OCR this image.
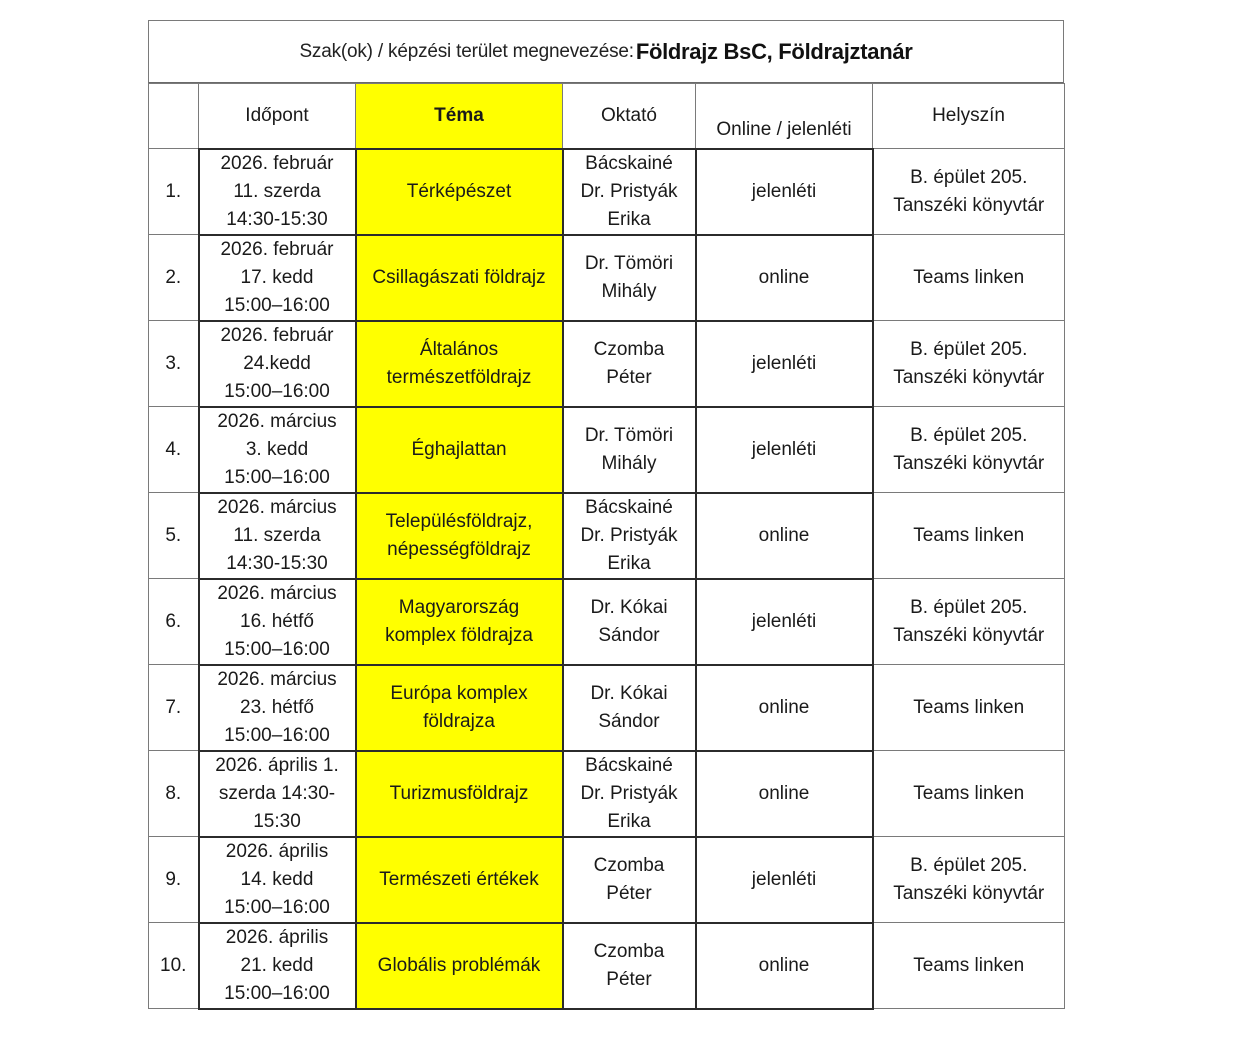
Szak(ok) / képzési terület megnevezése: Földrajz BsC, Földrajztanár
	Időpont	Téma	Oktató	Online / jelenléti	Helyszín
1.	2026. február
11. szerda
14:30-15:30	Térképészet	Bácskainé
Dr. Pristyák
Erika	jelenléti	B. épület 205.
Tanszéki könyvtár

2.	2026. február
17. kedd
15:00–16:00	Csillagászati földrajz	Dr. Tömöri
Mihály	online	Teams linken

3.	2026. február
24.kedd
15:00–16:00	Általános
természetföldrajz	Czomba
Péter	jelenléti	B. épület 205.
Tanszéki könyvtár

4.	2026. március
3. kedd
15:00–16:00	Éghajlattan	Dr. Tömöri
Mihály	jelenléti	B. épület 205.
Tanszéki könyvtár

5.	2026. március
11. szerda
14:30-15:30	Településföldrajz,
népességföldrajz	Bácskainé
Dr. Pristyák
Erika	online	Teams linken

6.	2026. március
16. hétfő
15:00–16:00	Magyarország
komplex földrajza	Dr. Kókai
Sándor	jelenléti	B. épület 205.
Tanszéki könyvtár

7.	2026. március
23. hétfő
15:00–16:00	Európa komplex
földrajza	Dr. Kókai
Sándor	online	Teams linken

8.	2026. április 1.
szerda 14:30-
15:30	Turizmusföldrajz	Bácskainé
Dr. Pristyák
Erika	online	Teams linken

9.	2026. április
14. kedd
15:00–16:00	Természeti értékek	Czomba
Péter	jelenléti	B. épület 205.
Tanszéki könyvtár

10.	2026. április
21. kedd
15:00–16:00	Globális problémák	Czomba
Péter	online	Teams linken
